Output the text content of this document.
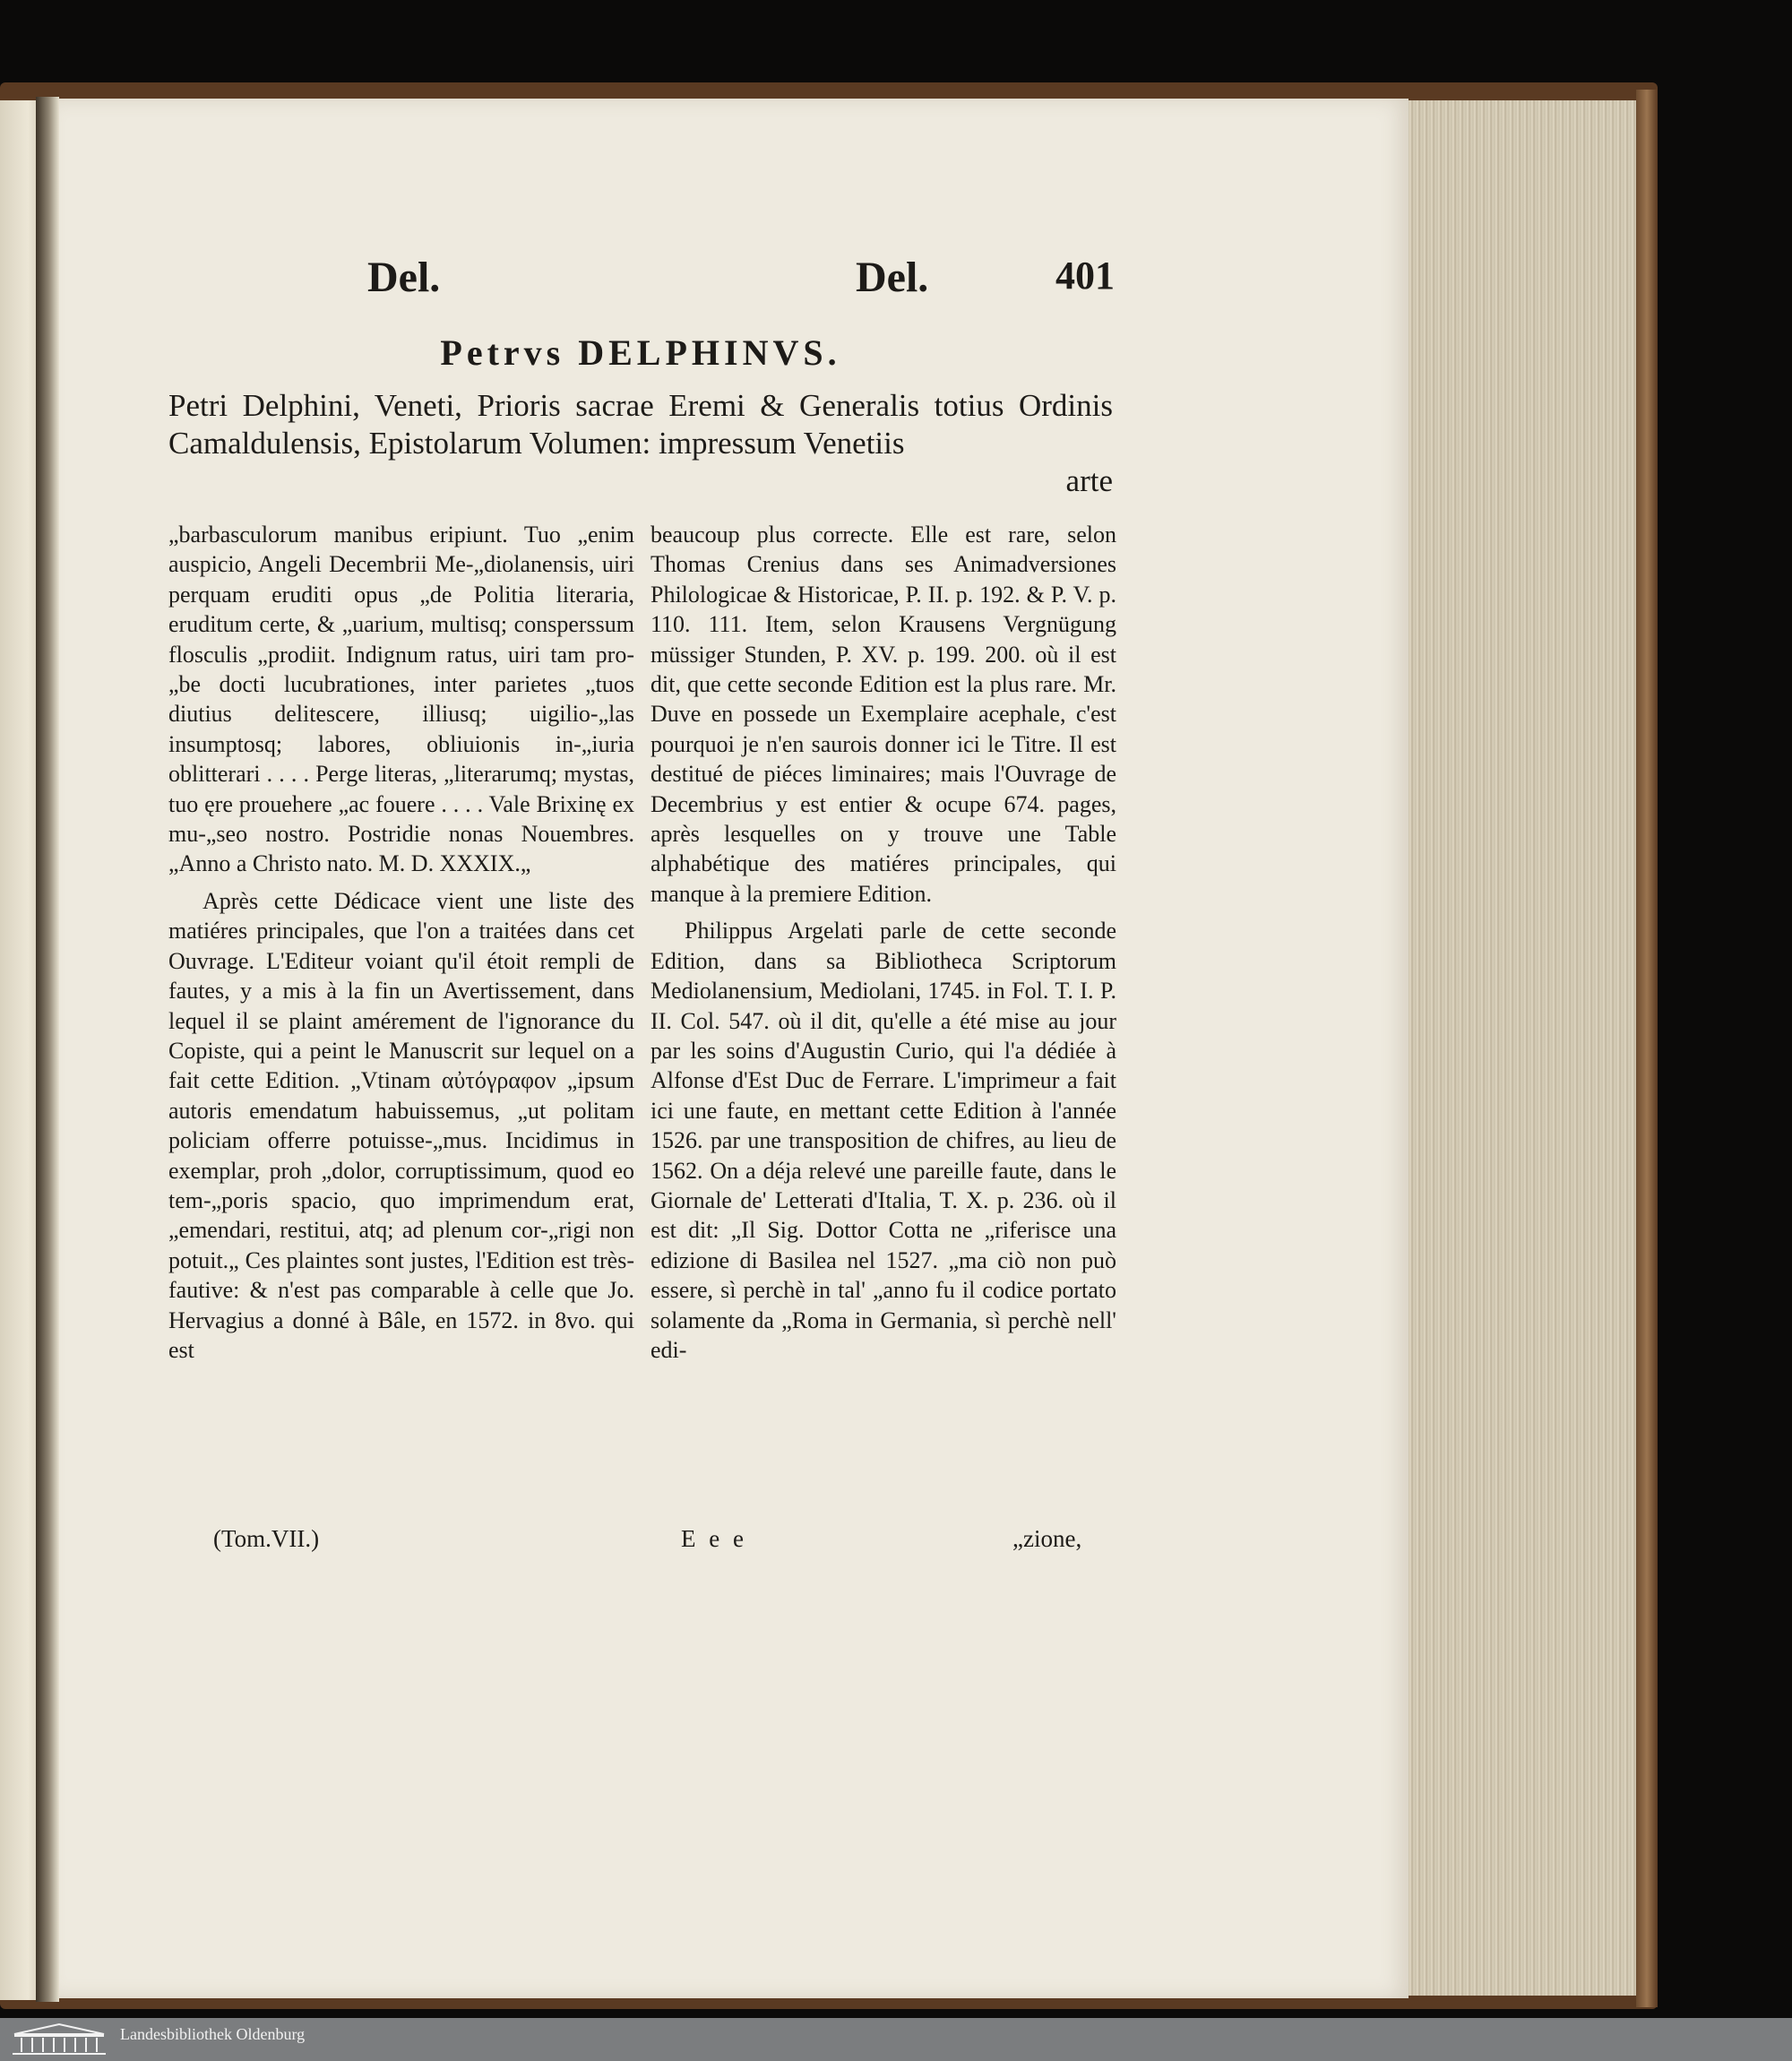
Del.	Del.	401
Petrvs DELPHINVS.
Petri Delphini, Veneti, Prioris sacrae Eremi & Generalis totius Ordinis Camaldulensis, Epistolarum Volumen: impressum Venetiis
arte

„barbasculorum manibus eripiunt. Tuo „enim auspicio, Angeli Decembrii Me-„diolanensis, uiri perquam eruditi opus „de Politia literaria, eruditum certe, & „uarium, multisq; consperssum flosculis „prodiit. Indignum ratus, uiri tam pro-„be docti lucubrationes, inter parietes „tuos diutius delitescere, illiusq; uigilio-„las insumptosq; labores, obliuionis in-„iuria oblitterari . . . . Perge literas, „literarumq; mystas, tuo ęre prouehere „ac fouere . . . . Vale Brixinę ex mu-„seo nostro. Postridie nonas Nouembres. „Anno a Christo nato. M. D. XXXIX.„

Après cette Dédicace vient une liste des matiéres principales, que l'on a traitées dans cet Ouvrage. L'Editeur voiant qu'il étoit rempli de fautes, y a mis à la fin un Avertissement, dans lequel il se plaint amérement de l'ignorance du Copiste, qui a peint le Manuscrit sur lequel on a fait cette Edition. „Vtinam αὐτόγραφον „ipsum autoris emendatum habuissemus, „ut politam policiam offerre potuisse-„mus. Incidimus in exemplar, proh „dolor, corruptissimum, quod eo tem-„poris spacio, quo imprimendum erat, „emendari, restitui, atq; ad plenum cor-„rigi non potuit.„ Ces plaintes sont justes, l'Edition est très-fautive: & n'est pas comparable à celle que Jo. Hervagius a donné à Bâle, en 1572. in 8vo. qui est

beaucoup plus correcte. Elle est rare, selon Thomas Crenius dans ses Animadversiones Philologicae & Historicae, P. II. p. 192. & P. V. p. 110. 111. Item, selon Krausens Vergnügung müssiger Stunden, P. XV. p. 199. 200. où il est dit, que cette seconde Edition est la plus rare. Mr. Duve en possede un Exemplaire acephale, c'est pourquoi je n'en saurois donner ici le Titre. Il est destitué de piéces liminaires; mais l'Ouvrage de Decembrius y est entier & ocupe 674. pages, après lesquelles on y trouve une Table alphabétique des matiéres principales, qui manque à la premiere Edition.

Philippus Argelati parle de cette seconde Edition, dans sa Bibliotheca Scriptorum Mediolanensium, Mediolani, 1745. in Fol. T. I. P. II. Col. 547. où il dit, qu'elle a été mise au jour par les soins d'Augustin Curio, qui l'a dédiée à Alfonse d'Est Duc de Ferrare. L'imprimeur a fait ici une faute, en mettant cette Edition à l'année 1526. par une transposition de chifres, au lieu de 1562. On a déja relevé une pareille faute, dans le Giornale de' Letterati d'Italia, T. X. p. 236. où il est dit: „Il Sig. Dottor Cotta ne „riferisce una edizione di Basilea nel 1527. „ma ciò non può essere, sì perchè in tal' „anno fu il codice portato solamente da „Roma in Germania, sì perchè nell' edi-

(Tom.VII.)	E e e	„zione,
Landesbibliothek Oldenburg
